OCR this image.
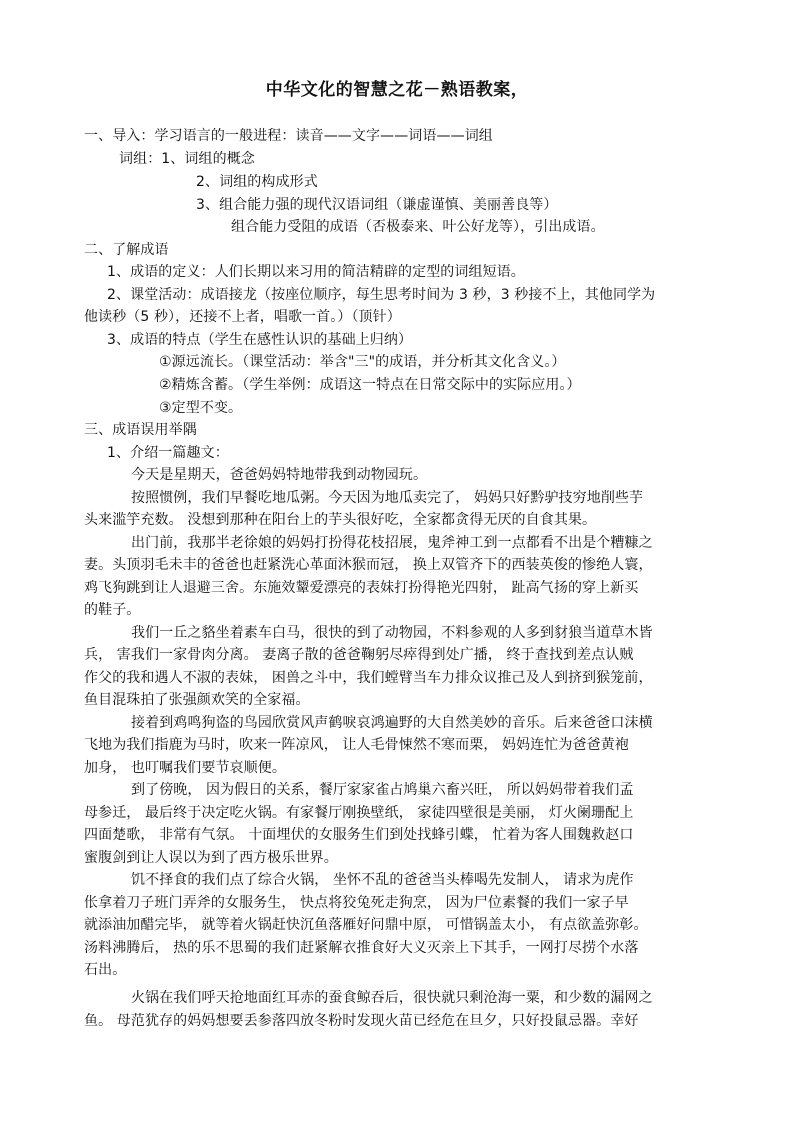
中华文化的智慧之花－熟语教案，
一、导入：学习语言的一般进程：读音——文字——词语——词组
词组：1、词组的概念
2、词组的构成形式
3、组合能力强的现代汉语词组（谦虚谨慎、美丽善良等）
组合能力受阻的成语（否极泰来、叶公好龙等），引出成语。
二、了解成语
1、成语的定义：人们长期以来习用的简洁精辟的定型的词组短语。
2、课堂活动：成语接龙（按座位顺序，每生思考时间为 3 秒，3 秒接不上，其他同学为
他读秒（5 秒），还接不上者，唱歌一首。）（顶针）
3、成语的特点（学生在感性认识的基础上归纳）
①源远流长。（课堂活动：举含"三"的成语，并分析其文化含义。）
②精炼含蓄。（学生举例：成语这一特点在日常交际中的实际应用。）
③定型不变。
三、成语误用举隅
1、介绍一篇趣文：
今天是星期天，爸爸妈妈特地带我到动物园玩。
按照惯例，我们早餐吃地瓜粥。今天因为地瓜卖完了， 妈妈只好黔驴技穷地削些芋
头来滥竽充数。 没想到那种在阳台上的芋头很好吃，全家都贪得无厌的自食其果。
出门前，我那半老徐娘的妈妈打扮得花枝招展，鬼斧神工到一点都看不出是个糟糠之
妻。头顶羽毛未丰的爸爸也赶紧洗心革面沐猴而冠， 换上双管齐下的西装英俊的惨绝人寰，
鸡飞狗跳到让人退避三舍。东施效颦爱漂亮的表妹打扮得艳光四射， 趾高气扬的穿上新买
的鞋子。
我们一丘之貉坐着素车白马，很快的到了动物园，不料参观的人多到豺狼当道草木皆
兵， 害我们一家骨肉分离。 妻离子散的爸爸鞠躬尽瘁得到处广播， 终于查找到差点认贼
作父的我和遇人不淑的表妹， 困兽之斗中，我们螳臂当车力排众议推己及人到挤到猴笼前，
鱼目混珠拍了张强颜欢笑的全家福。
接着到鸡鸣狗盗的鸟园欣赏风声鹤唳哀鸿遍野的大自然美妙的音乐。后来爸爸口沫横
飞地为我们指鹿为马时，吹来一阵凉风， 让人毛骨悚然不寒而栗， 妈妈连忙为爸爸黄袍
加身， 也叮嘱我们要节哀顺便。
到了傍晚， 因为假日的关系，餐厅家家雀占鸠巢六畜兴旺， 所以妈妈带着我们孟
母参迁， 最后终于决定吃火锅。有家餐厅刚换壁纸， 家徒四壁很是美丽， 灯火阑珊配上
四面楚歌， 非常有气氛。 十面埋伏的女服务生们到处找蜂引蝶， 忙着为客人围魏救赵口
蜜腹剑到让人误以为到了西方极乐世界。
饥不择食的我们点了综合火锅， 坐怀不乱的爸爸当头棒喝先发制人， 请求为虎作
伥拿着刀子班门弄斧的女服务生， 快点将狡兔死走狗烹， 因为尸位素餐的我们一家子早
就添油加醋完毕， 就等着火锅赶快沉鱼落雁好问鼎中原， 可惜锅盖太小， 有点欲盖弥彰。
汤料沸腾后， 热的乐不思蜀的我们赶紧解衣推食好大义灭亲上下其手，一网打尽捞个水落
石出。
火锅在我们呼天抢地面红耳赤的蚕食鲸吞后，很快就只剩沧海一粟，和少数的漏网之
鱼。 母范犹存的妈妈想要丢参落四放冬粉时发现火苗已经危在旦夕，只好投鼠忌器。幸好
